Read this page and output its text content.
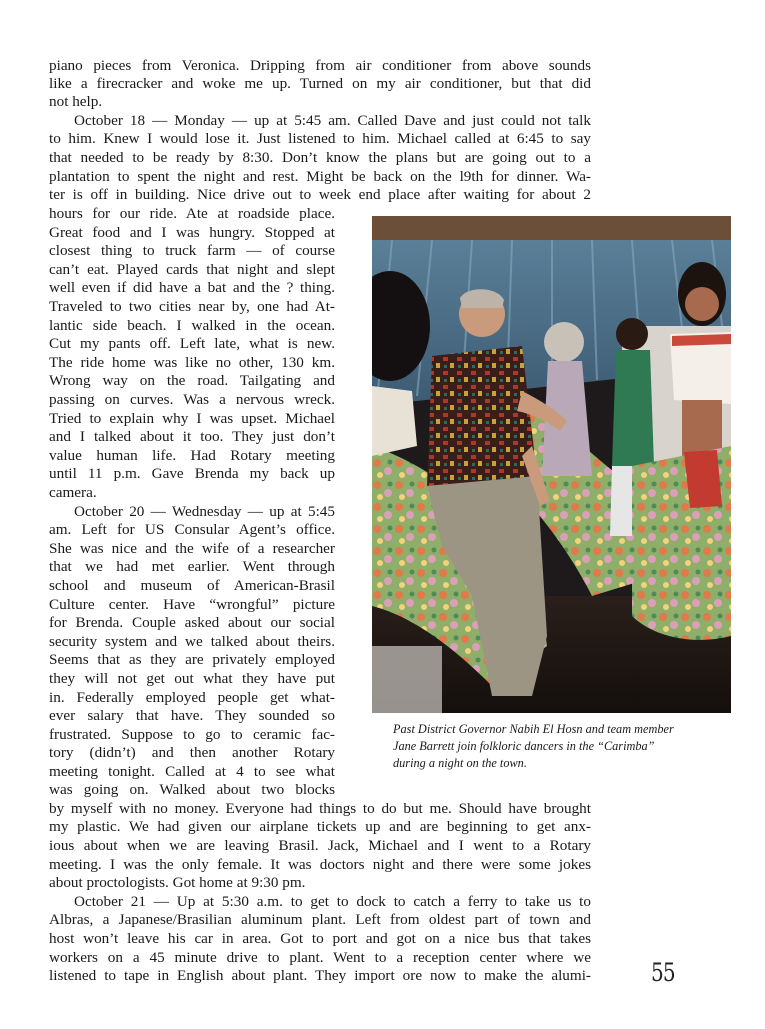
piano pieces from Veronica. Dripping from air conditioner from above sounds
like a firecracker and woke me up. Turned on my air conditioner, but that did
not help.
October 18 — Monday — up at 5:45 am. Called Dave and just could not talk
to him. Knew I would lose it. Just listened to him. Michael called at 6:45 to say
that needed to be ready by 8:30. Don’t know the plans but are going out to a
plantation to spent the night and rest. Might be back on the l9th for dinner. Wa-
ter is off in building. Nice drive out to week end place after waiting for about 2
hours for our ride. Ate at roadside place.
Great food and I was hungry. Stopped at
closest thing to truck farm — of course
can’t eat. Played cards that night and slept
well even if did have a bat and the ? thing.
Traveled to two cities near by, one had At-
lantic side beach. I walked in the ocean.
Cut my pants off. Left late, what is new.
The ride home was like no other, 130 km.
Wrong way on the road. Tailgating and
passing on curves. Was a nervous wreck.
Tried to explain why I was upset. Michael
and I talked about it too. They just don’t
value human life. Had Rotary meeting
until 11 p.m. Gave Brenda my back up
camera.
October 20 — Wednesday — up at 5:45
am. Left for US Consular Agent’s office.
She was nice and the wife of a researcher
that we had met earlier. Went through
school and museum of American-Brasil
Culture center. Have “wrongful” picture
for Brenda. Couple asked about our social
security system and we talked about theirs.
Seems that as they are privately employed
they will not get out what they have put
in. Federally employed people get what-
ever salary that have. They sounded so
frustrated. Suppose to go to ceramic fac-
tory (didn’t) and then another Rotary
meeting tonight. Called at 4 to see what
was going on. Walked about two blocks
by myself with no money. Everyone had things to do but me. Should have brought
my plastic. We had given our airplane tickets up and are beginning to get anx-
ious about when we are leaving Brasil. Jack, Michael and I went to a Rotary
meeting. I was the only female. It was doctors night and there were some jokes
about proctologists. Got home at 9:30 pm.
October 21 — Up at 5:30 a.m. to get to dock to catch a ferry to take us to
Albras, a Japanese/Brasilian aluminum plant. Left from oldest part of town and
host won’t leave his car in area. Got to port and got on a nice bus that takes
workers on a 45 minute drive to plant. Went to a reception center where we
listened to tape in English about plant. They import ore now to make the alumi-
Past District Governor Nabih El Hosn and team member
Jane Barrett join folkloric dancers in the “Carimba”
during a night on the town.
55
